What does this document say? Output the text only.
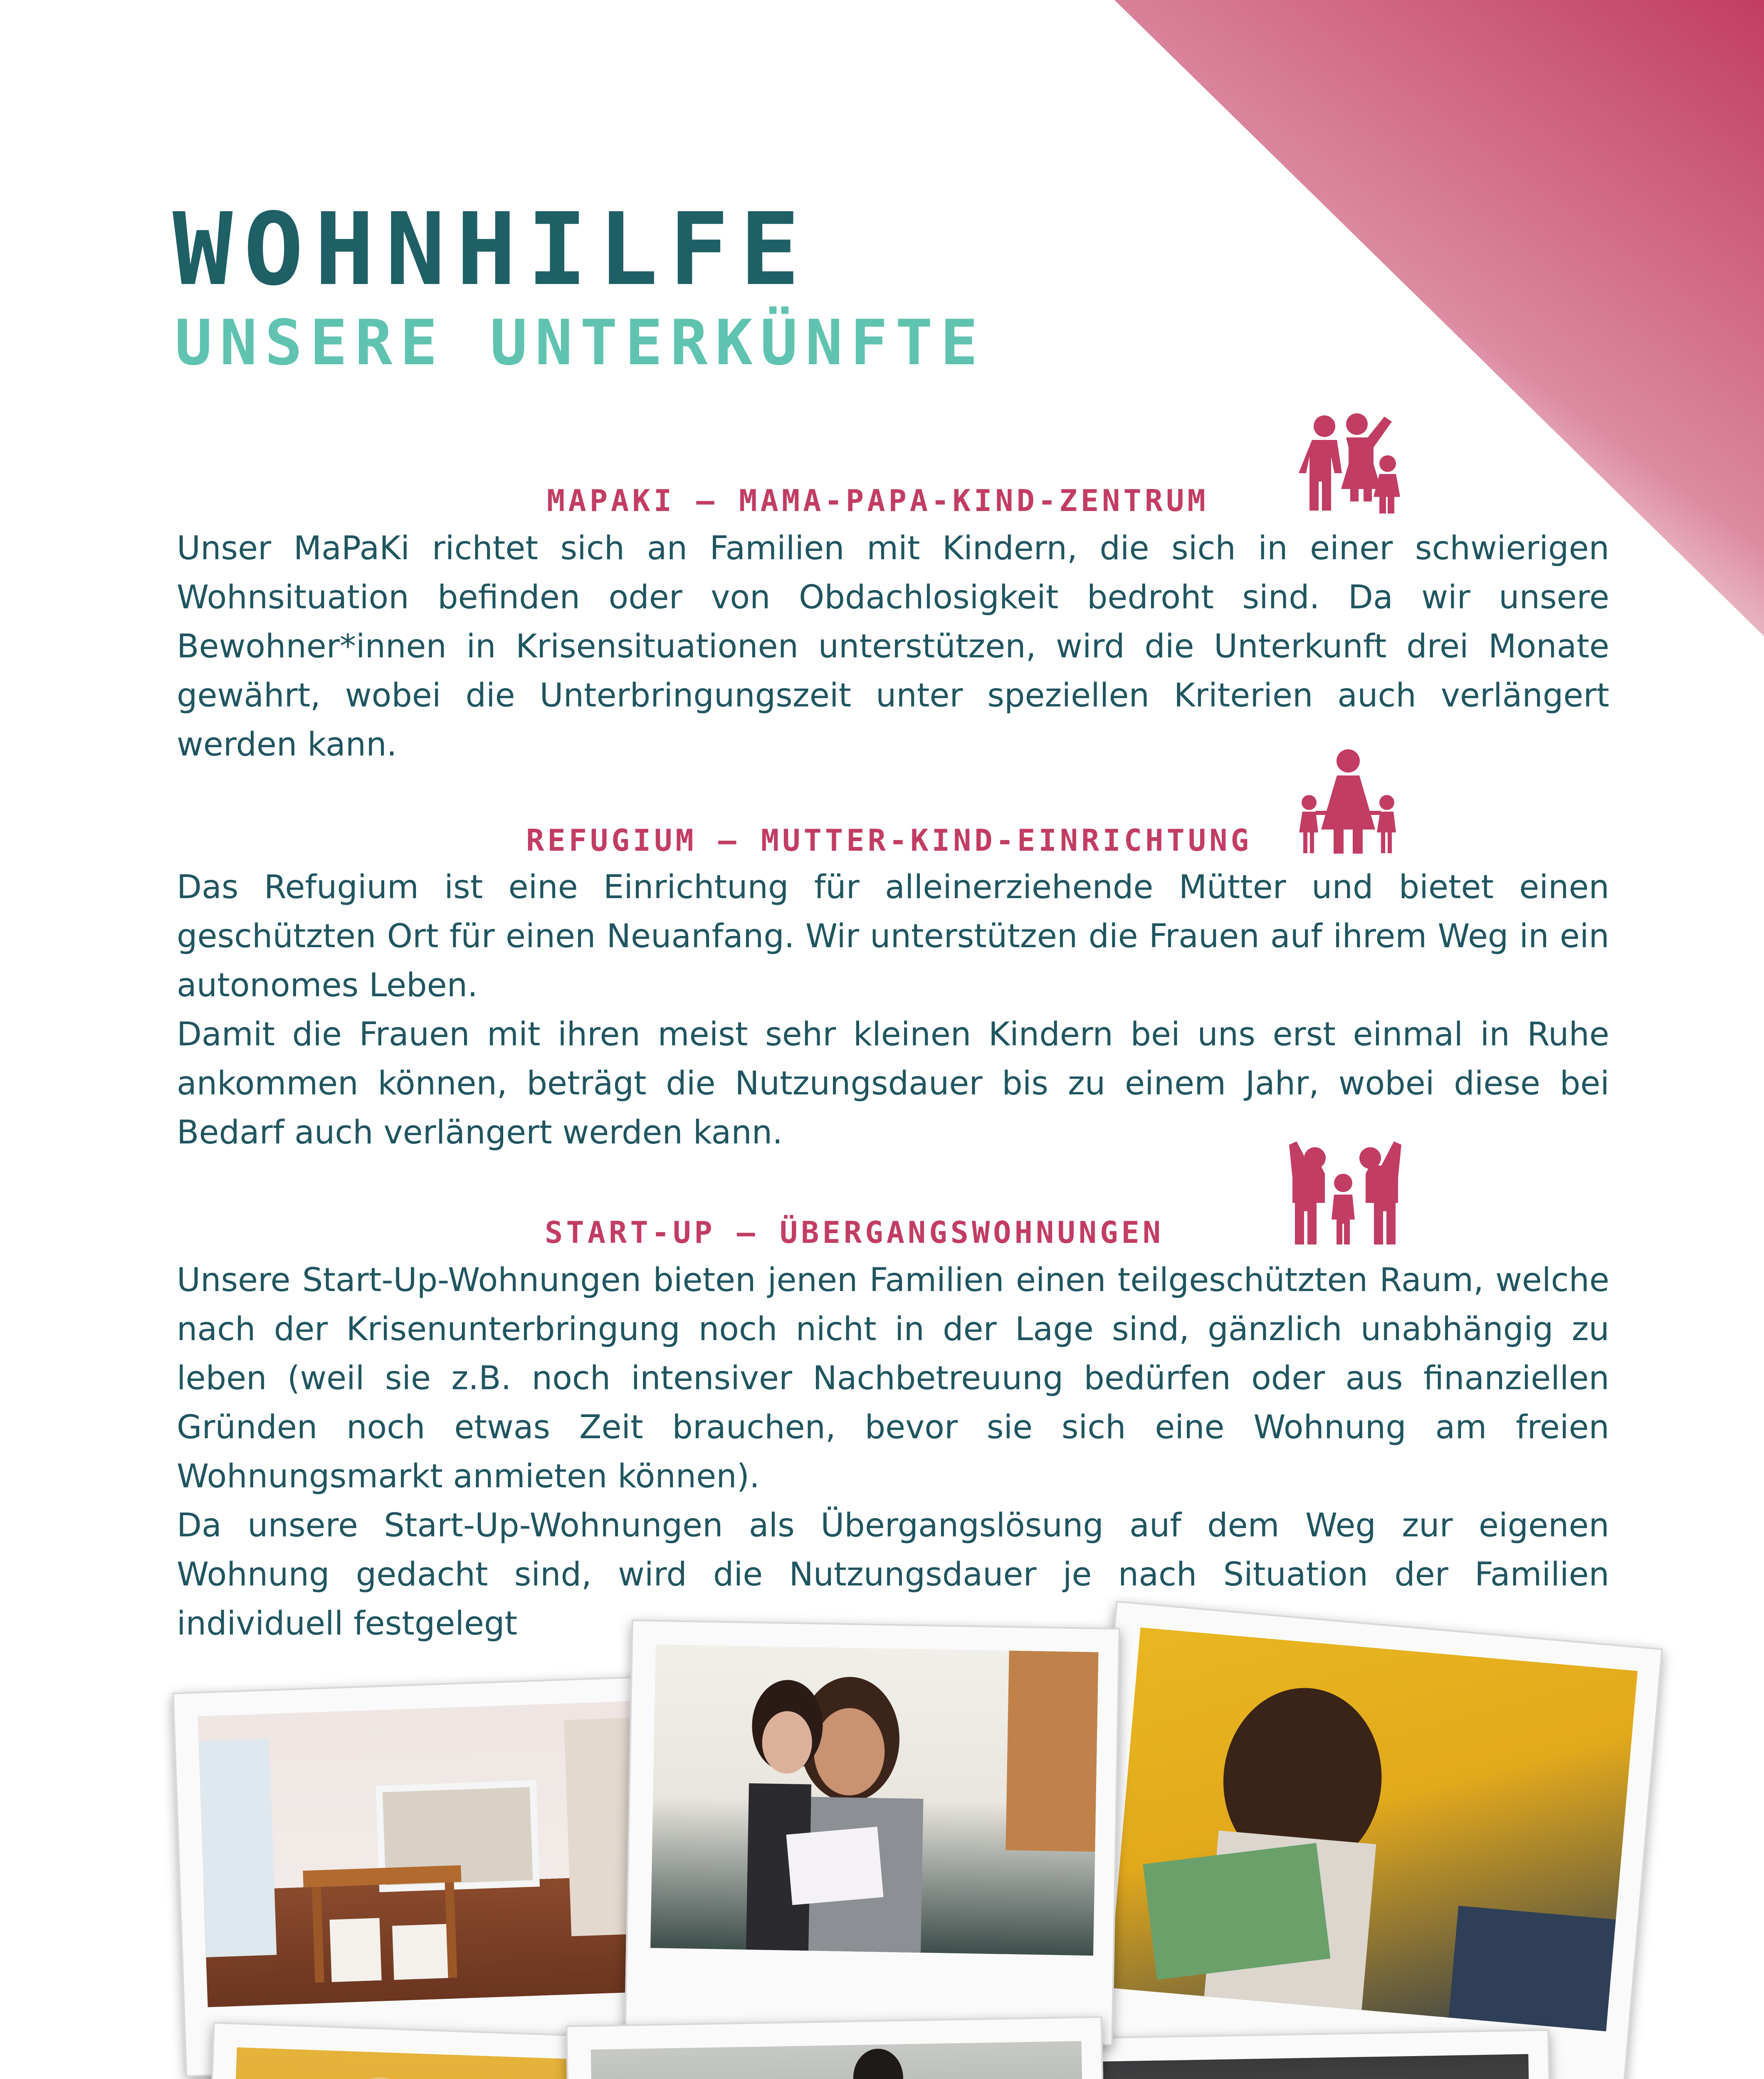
WOHNHILFE
UNSERE UNTERKÜNFTE
MAPAKI – MAMA-PAPA-KIND-ZENTRUM

Unser MaPaKi richtet sich an Familien mit Kindern, die sich in einer schwierigen Wohnsituation befinden oder von Obdachlosigkeit bedroht sind. Da wir unsere Bewohner*innen in Krisensituationen unterstützen, wird die Unterkunft drei Monate gewährt, wobei die Unterbringungszeit unter speziellen Kriterien auch verlängert werden kann.

REFUGIUM – MUTTER-KIND-EINRICHTUNG

Das Refugium ist eine Einrichtung für alleinerziehende Mütter und bietet einen geschützten Ort für einen Neuanfang. Wir unterstützen die Frauen auf ihrem Weg in ein autonomes Leben.

Damit die Frauen mit ihren meist sehr kleinen Kindern bei uns erst einmal in Ruhe ankommen können, beträgt die Nutzungsdauer bis zu einem Jahr, wobei diese bei Bedarf auch verlängert werden kann.

START-UP – ÜBERGANGSWOHNUNGEN

Unsere Start-Up-Wohnungen bieten jenen Familien einen teilgeschützten Raum, welche nach der Krisenunterbringung noch nicht in der Lage sind, gänzlich unabhängig zu leben (weil sie z.B. noch intensiver Nachbetreuung bedürfen oder aus finanziellen Gründen noch etwas Zeit brauchen, bevor sie sich eine Wohnung am freien Wohnungsmarkt anmieten können).

Da unsere Start-Up-Wohnungen als Übergangslösung auf dem Weg zur eigenen Wohnung gedacht sind, wird die Nutzungsdauer je nach Situation der Familien individuell festgelegt
